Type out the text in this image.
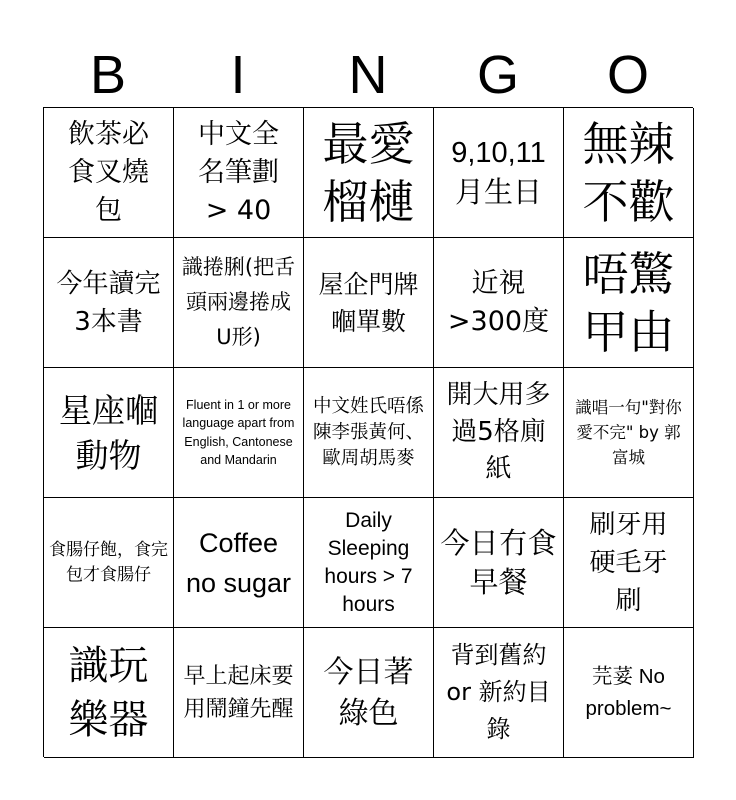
B	I	N	G	O
飲茶必食叉燒包
中文全名筆劃 > 40
最愛榴槤
9,10,11月生日
無辣不歡
今年讀完3本書
識捲脷(把舌頭兩邊捲成U形)
屋企門牌嗰單數
近視>300度
唔驚甲由
星座嗰動物
Fluent in 1 or more language apart from English, Cantonese and Mandarin
中文姓氏唔係陳李張黃何、歐周胡馬麥
開大用多過5格廁紙
識唱一句"對你愛不完" by 郭富城
食腸仔飽，食完包才食腸仔
Coffee no sugar
Daily Sleeping hours > 7 hours
今日冇食早餐
刷牙用硬毛牙刷
識玩樂器
早上起床要用鬧鐘先醒
今日著綠色
背到舊約or 新約目錄
芫荽 No problem~
